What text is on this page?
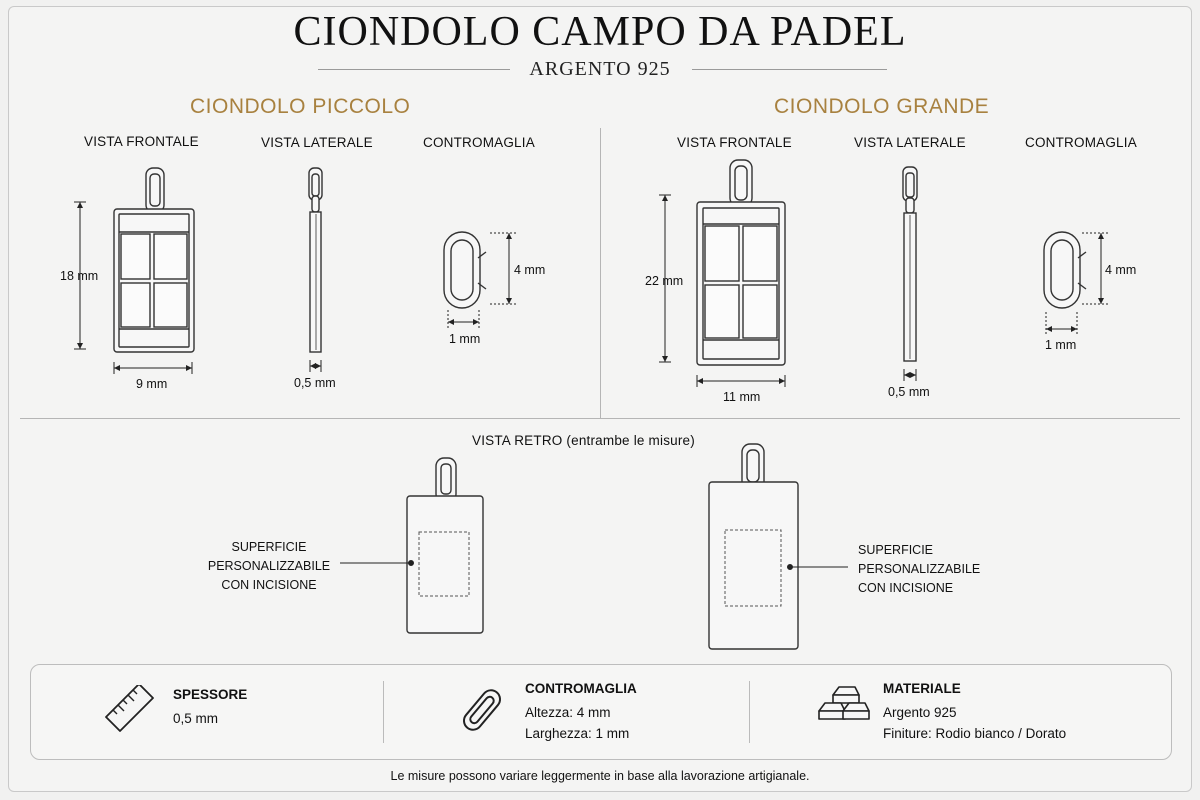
CIONDOLO CAMPO DA PADEL
ARGENTO 925
CIONDOLO PICCOLO	CIONDOLO GRANDE
VISTA FRONTALE	VISTA LATERALE	CONTROMAGLIA	VISTA FRONTALE	VISTA LATERALE	CONTROMAGLIA
18 mm
9 mm	0,5 mm
4 mm
1 mm
22 mm
11 mm	0,5 mm
4 mm
1 mm
VISTA RETRO (entrambe le misure)
SUPERFICIE
PERSONALIZZABILE
CON INCISIONE
SUPERFICIE
PERSONALIZZABILE
CON INCISIONE
SPESSORE
0,5 mm
CONTROMAGLIA
Altezza: 4 mm
Larghezza: 1 mm
MATERIALE
Argento 925
Finiture: Rodio bianco / Dorato
Le misure possono variare leggermente in base alla lavorazione artigianale.
